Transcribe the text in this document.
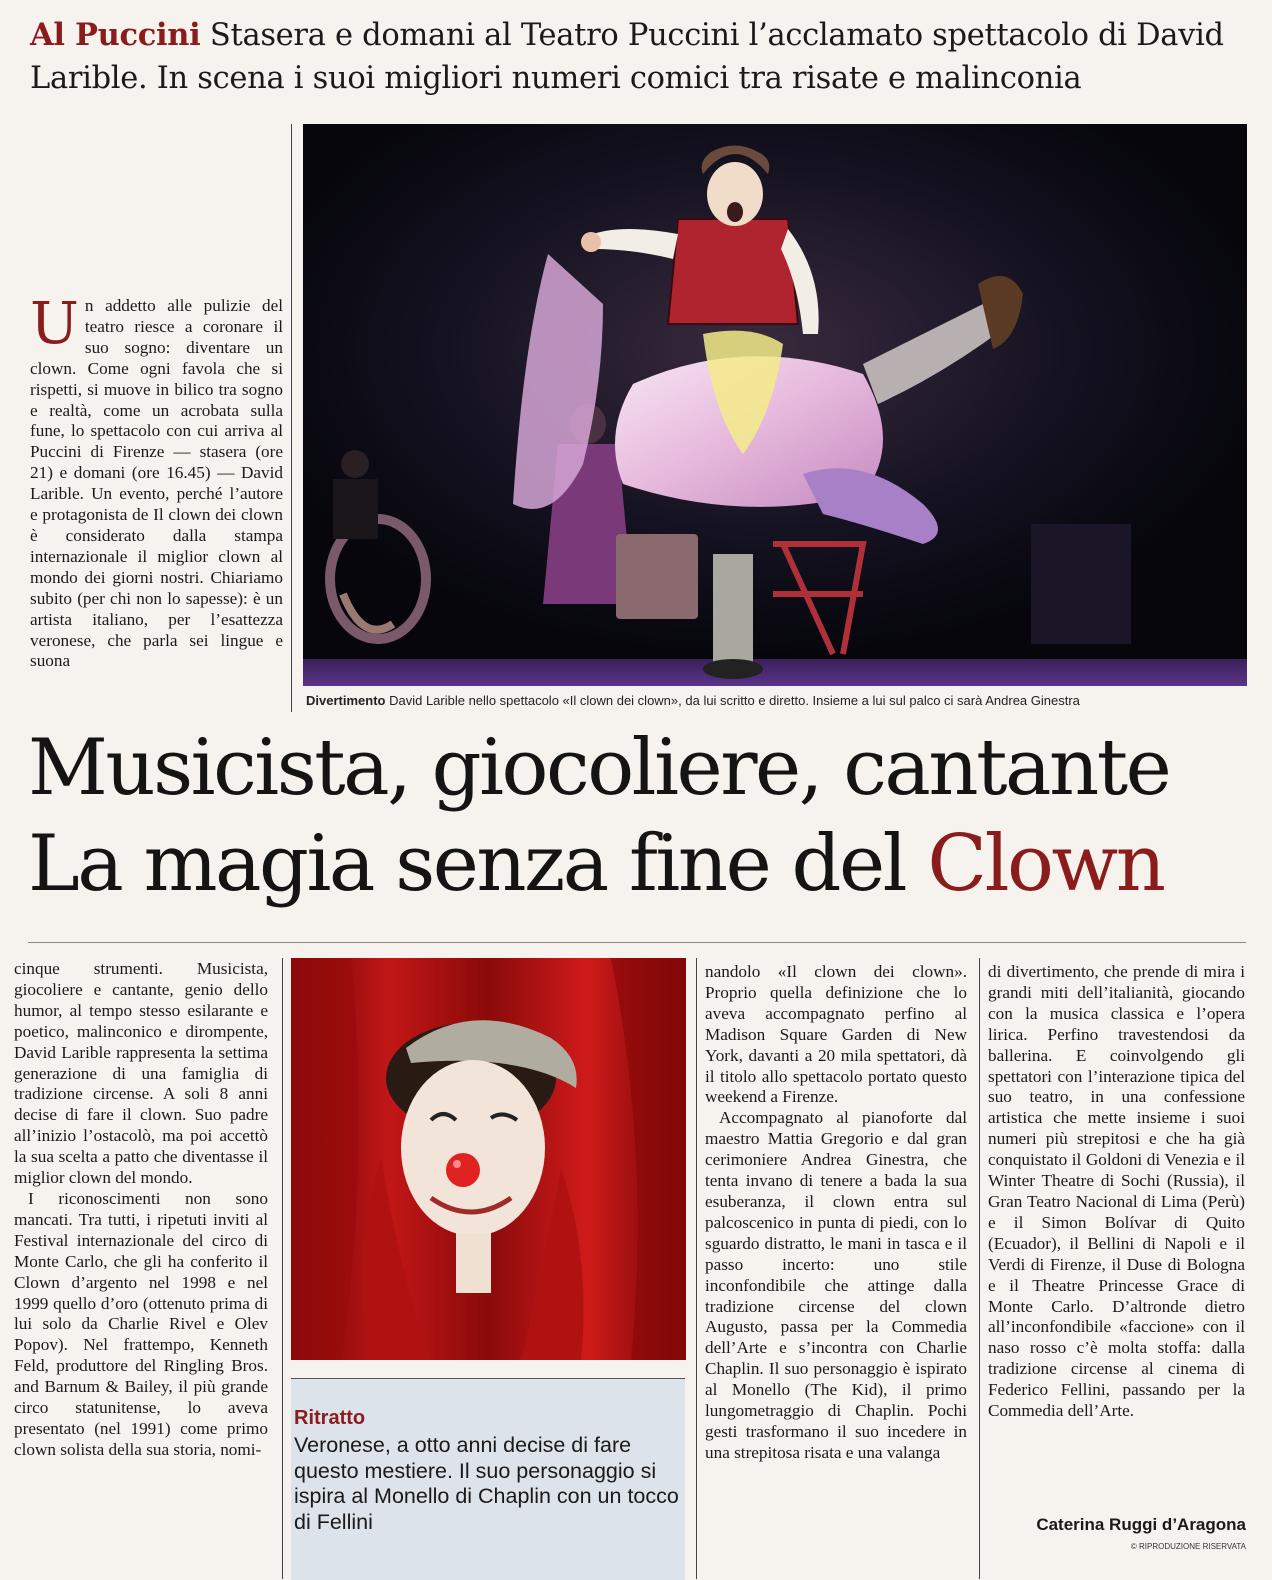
Al Puccini Stasera e domani al Teatro Puccini l’acclamato spettacolo di David Larible. In scena i suoi migliori numeri comici tra risate e malinconia
Un addetto alle pulizie del teatro riesce a coronare il suo sogno: diventare un clown. Come ogni favola che si rispetti, si muove in bilico tra sogno e realtà, come un acrobata sulla fune, lo spettacolo con cui arriva al Puccini di Firenze — stasera (ore 21) e domani (ore 16.45) — David Larible. Un evento, perché l’autore e protagonista de Il clown dei clown è considerato dalla stampa internazionale il miglior clown al mondo dei giorni nostri. Chiariamo subito (per chi non lo sapesse): è un artista italiano, per l’esattezza veronese, che parla sei lingue e suona
Divertimento David Larible nello spettacolo «Il clown dei clown», da lui scritto e diretto. Insieme a lui sul palco ci sarà Andrea Ginestra
Musicista, giocoliere, cantante
La magia senza fine del Clown

cinque strumenti. Musicista, giocoliere e cantante, genio dello humor, al tempo stesso esilarante e poetico, malinconico e dirompente, David Larible rappresenta la settima generazione di una famiglia di tradizione circense. A soli 8 anni decise di fare il clown. Suo padre all’inizio l’ostacolò, ma poi accettò la sua scelta a patto che diventasse il miglior clown del mondo.

I riconoscimenti non sono mancati. Tra tutti, i ripetuti inviti al Festival internazionale del circo di Monte Carlo, che gli ha conferito il Clown d’argento nel 1998 e nel 1999 quello d’oro (ottenuto prima di lui solo da Charlie Rivel e Olev Popov). Nel frattempo, Kenneth Feld, produttore del Ringling Bros. and Barnum & Bailey, il più grande circo statunitense, lo aveva presentato (nel 1991) come primo clown solista della sua storia, nomi-

Ritratto
Veronese, a otto anni decise di fare questo mestiere. Il suo personaggio si ispira al Monello di Chaplin con un tocco di Fellini

nandolo «Il clown dei clown». Proprio quella definizione che lo aveva accompagnato perfino al Madison Square Garden di New York, davanti a 20 mila spettatori, dà il titolo allo spettacolo portato questo weekend a Firenze.

Accompagnato al pianoforte dal maestro Mattia Gregorio e dal gran cerimoniere Andrea Ginestra, che tenta invano di tenere a bada la sua esuberanza, il clown entra sul palcoscenico in punta di piedi, con lo sguardo distratto, le mani in tasca e il passo incerto: uno stile inconfondibile che attinge dalla tradizione circense del clown Augusto, passa per la Commedia dell’Arte e s’incontra con Charlie Chaplin. Il suo personaggio è ispirato al Monello (The Kid), il primo lungometraggio di Chaplin. Pochi gesti trasformano il suo incedere in una strepitosa risata e una valanga

di divertimento, che prende di mira i grandi miti dell’italianità, giocando con la musica classica e l’opera lirica. Perfino travestendosi da ballerina. E coinvolgendo gli spettatori con l’interazione tipica del suo teatro, in una confessione artistica che mette insieme i suoi numeri più strepitosi e che ha già conquistato il Goldoni di Venezia e il Winter Theatre di Sochi (Russia), il Gran Teatro Nacional di Lima (Perù) e il Simon Bolívar di Quito (Ecuador), il Bellini di Napoli e il Verdi di Firenze, il Duse di Bologna e il Theatre Princesse Grace di Monte Carlo. D’altronde dietro all’inconfondibile «faccione» con il naso rosso c’è molta stoffa: dalla tradizione circense al cinema di Federico Fellini, passando per la Commedia dell’Arte.

Caterina Ruggi d’Aragona
© RIPRODUZIONE RISERVATA
